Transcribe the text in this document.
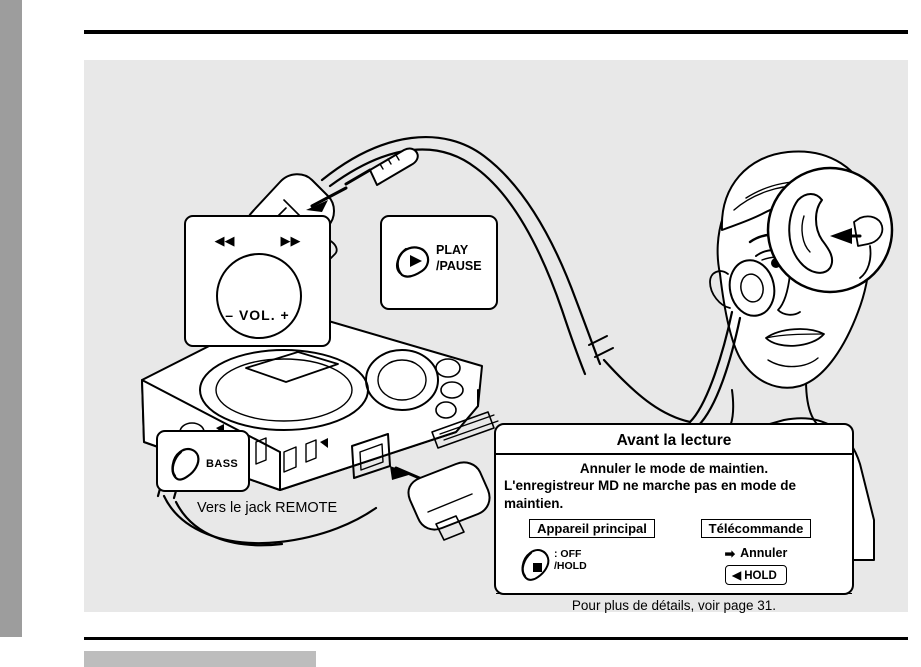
◀◀	▶▶
– VOL. +
PLAY
/PAUSE
BASS
Vers le jack REMOTE
Avant la lecture
Annuler le mode de maintien.
L'enregistreur MD ne marche pas en mode de
maintien.
Appareil principal
: OFF
/HOLD
Télécommande
➡ Annuler
◀ HOLD
Pour plus de détails, voir page 31.
